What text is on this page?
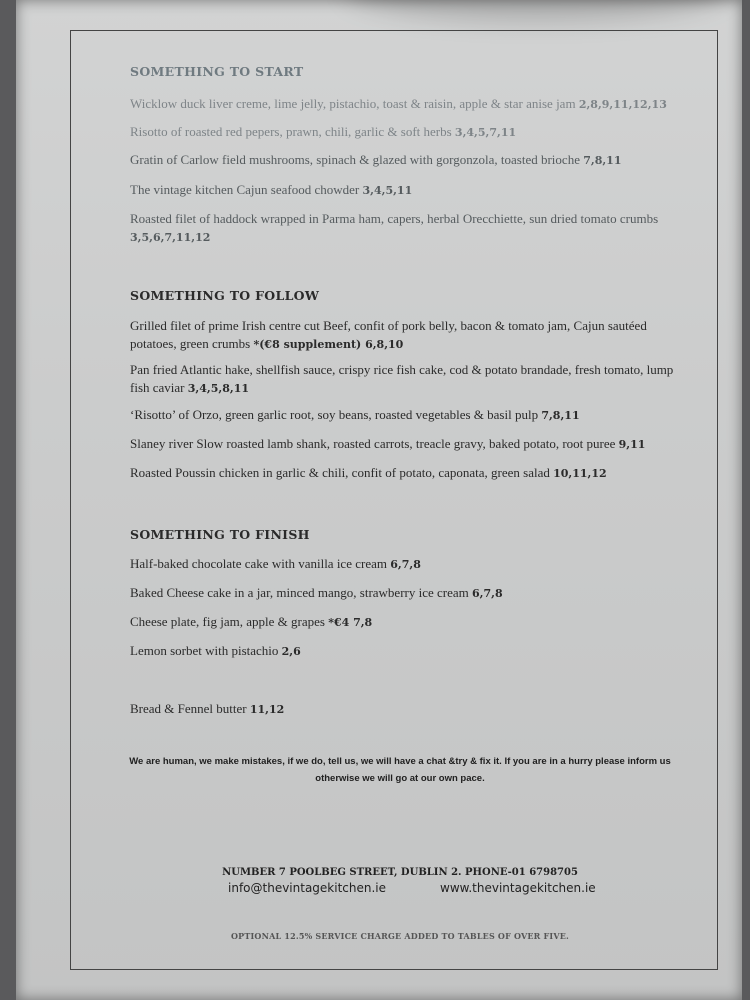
SOMETHING TO START
Wicklow duck liver creme, lime jelly, pistachio, toast & raisin, apple & star anise jam 2,8,9,11,12,13
Risotto of roasted red pepers, prawn, chili, garlic & soft herbs 3,4,5,7,11
Gratin of Carlow field mushrooms, spinach & glazed with gorgonzola, toasted brioche 7,8,11
The vintage kitchen Cajun seafood chowder 3,4,5,11
Roasted filet of haddock wrapped in Parma ham, capers, herbal Orecchiette, sun dried tomato crumbs 3,5,6,7,11,12
SOMETHING TO FOLLOW
Grilled filet of prime Irish centre cut Beef, confit of pork belly, bacon & tomato jam, Cajun sautéed potatoes, green crumbs *(€8 supplement) 6,8,10
Pan fried Atlantic hake, shellfish sauce, crispy rice fish cake, cod & potato brandade, fresh tomato, lump fish caviar 3,4,5,8,11
‘Risotto’ of Orzo, green garlic root, soy beans, roasted vegetables & basil pulp 7,8,11
Slaney river Slow roasted lamb shank, roasted carrots, treacle gravy, baked potato, root puree 9,11
Roasted Poussin chicken in garlic & chili, confit of potato, caponata, green salad 10,11,12
SOMETHING TO FINISH
Half-baked chocolate cake with vanilla ice cream 6,7,8
Baked Cheese cake in a jar, minced mango, strawberry ice cream 6,7,8
Cheese plate, fig jam, apple & grapes *€4 7,8
Lemon sorbet with pistachio 2,6
Bread & Fennel butter 11,12
We are human, we make mistakes, if we do, tell us, we will have a chat &try & fix it. If you are in a hurry please inform us otherwise we will go at our own pace.
NUMBER 7 POOLBEG STREET, DUBLIN 2. PHONE-01 6798705
info@thevintagekitchen.ie	www.thevintagekitchen.ie
OPTIONAL 12.5% SERVICE CHARGE ADDED TO TABLES OF OVER FIVE.
